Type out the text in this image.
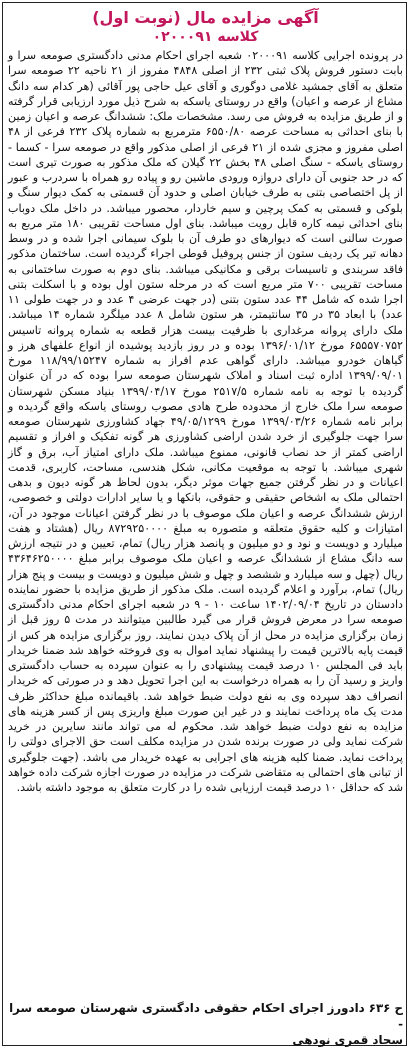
آگهی مزایده مال (نوبت اول)
کلاسه ۰۲۰۰۰۹۱
در پرونده اجرایی کلاسه ۰۲۰۰۰۹۱ شعبه اجرای احکام مدنی دادگستری صومعه سرا و بابت دستور فروش پلاک ثبتی ۲۳۲ از اصلی ۴۸۴۸ مفروز از ۲۱ ناحیه ۲۲ صومعه سرا متعلق به آقای جمشید غلامی دوگوری و آقای عیل حاجی پور آقائی (هر کدام سه دانگ مشاع از عرصه و اعیان) واقع در روستای یاسکه به شرح ذیل مورد ارزیابی قرار گرفته و از طریق مزایده به فروش می رسد. مشخصات ملک: ششدانگ عرصه و اعیان زمین با بنای احداثی به مساحت عرصه ۶۵۵۰/۸۰ مترمربع به شماره پلاک ۲۳۲ فرعی از ۴۸ اصلی مفروز و مجزی شده از ۲۱ فرعی از اصلی مذکور واقع در صومعه سرا - کسما - روستای یاسکه - سنگ اصلی ۴۸ بخش ۲۲ گیلان که ملک مذکور به صورت تیری است که در حد جنوبی آن دارای دروازه ورودی ماشین رو و پیاده رو همراه با سردرب و عبور از پل اختصاصی بتنی به طرف خیابان اصلی و حدود آن قسمتی به کمک دیوار سنگ و بلوکی و قسمتی به کمک پرچین و سیم خاردار، محصور میباشد. در داخل ملک دوباب بنای احداثی نیمه کاره قابل رویت میباشد. بنای اول مساحت تقریبی ۱۸۰ متر مربع به صورت سالنی است که دیوارهای دو طرف آن با بلوک سیمانی اجرا شده و در وسط دهانه تیر یک ردیف ستون از جنس پروفیل قوطی اجراء گردیده است. ساختمان مذکور فاقد سربندی و تاسیسات برقی و مکانیکی میباشد. بنای دوم به صورت ساختمانی به مساحت تقریبی ۷۰۰ متر مربع است که در مرحله ستون اول بوده و با اسکلت بتنی اجرا شده که شامل ۴۴ عدد ستون بتنی (در جهت عرضی ۴ عدد و در جهت طولی ۱۱ عدد) با ابعاد ۳۵ در ۳۵ سانتیمتر، هر ستون شامل ۸ عدد میلگرد شماره ۱۴ میباشد. ملک دارای پروانه مرغداری با ظرفیت بیست هزار قطعه به شماره پروانه تاسیس ۶۵۵۵۷۰۷۵۲ مورخ ۱۳۹۶/۰۱/۱۲ بوده و در روز بازدید پوشیده از انواع علفهای هرز و گیاهان خودرو میباشد. دارای گواهی عدم افراز به شماره ۱۱۸/۹۹/۱۵۲۴۷ مورخ ۱۳۹۹/۰۹/۰۱ اداره ثبت اسناد و املاک شهرستان صومعه سرا بوده که در آن عنوان گردیده با توجه به نامه شماره ۲۵۱۷/۵ مورخ ۱۳۹۹/۰۴/۱۷ بنیاد مسکن شهرستان صومعه سرا ملک خارج از محدوده طرح هادی مصوب روستای یاسکه واقع گردیده و برابر نامه شماره ۱۳۹۹/۰۳/۲۶ مورخ ۴۹/۰۵/۱۲۹۹ جهاد کشاورزی شهرستان صومعه سرا جهت جلوگیری از خرد شدن اراضی کشاورزی هر گونه تفکیک و افراز و تقسیم اراضی کمتر از حد نصاب قانونی، ممنوع میباشد. ملک دارای امتیاز آب، برق و گاز شهری میباشد. با توجه به موقعیت مکانی، شکل هندسی، مساحت، کاربری، قدمت اعیانات و در نظر گرفتن جمیع جهات موثر دیگر، بدون لحاظ هر گونه دیون و بدهی احتمالی ملک به اشخاص حقیقی و حقوقی، بانکها و یا سایر ادارات دولتی و خصوصی، ارزش ششدانگ عرصه و اعیان ملک موصوف با در نظر گرفتن اعیانات موجود در آن، امتیازات و کلیه حقوق متعلقه و متصوره به مبلغ ۸۷۲۹۲۵۰۰۰۰ ریال (هشتاد و هفت میلیارد و دویست و نود و دو میلیون و پانصد هزار ریال) تمام، تعیین و در نتیجه ارزش سه دانگ مشاع از ششدانگ عرصه و اعیان ملک موصوف برابر مبلغ ۴۳۶۴۶۲۵۰۰۰۰ ریال (چهل و سه میلیارد و ششصد و چهل و شش میلیون و دویست و بیست و پنج هزار ریال) تمام، برآورد و اعلام گردیده است. ملک مذکور از طریق مزایده با حضور نماینده دادستان در تاریخ ۱۴۰۲/۰۹/۰۴ ساعت ۱۰ - ۹ در شعبه اجرای احکام مدنی دادگستری صومعه سرا در معرض فروش قرار می گیرد طالبین میتوانند در مدت ۵ روز قبل از زمان برگزاری مزایده در محل از آن پلاک دیدن نمایند. روز برگزاری مزایده هر کس از قیمت پایه بالاترین قیمت را پیشنهاد نماید اموال به وی فروخته خواهد شد ضمنا خریدار باید فی المجلس ۱۰ درصد قیمت پیشنهادی را به عنوان سپرده به حساب دادگستری واریز و رسید آن را به همراه درخواست به این اجرا تحویل دهد و در صورتی که خریدار انصراف دهد سپرده وی به نفع دولت ضبط خواهد شد. باقیمانده مبلغ حداکثر ظرف مدت یک ماه پرداخت نمایند و در غیر این صورت مبلغ واریزی پس از کسر هزینه های مزایده به نفع دولت ضبط خواهد شد. محکوم له می تواند مانند سایرین در خرید شرکت نماید ولی در صورت برنده شدن در مزایده مکلف است حق الاجرای دولتی را پرداخت نماید. ضمنا کلیه هزینه های اجرایی به عهده خریدار می باشد. (جهت جلوگیری از تبانی های احتمالی به متقاضی شرکت در مزایده در صورت اجازه شرکت داده خواهد شد که حداقل ۱۰ درصد قیمت ارزیابی شده را در کارت متعلق به موجود داشته باشد.
ح ۶۳۶ دادورز اجرای احکام حقوقی دادگستری شهرستان صومعه سرا -
سجاد قمری نودهی
